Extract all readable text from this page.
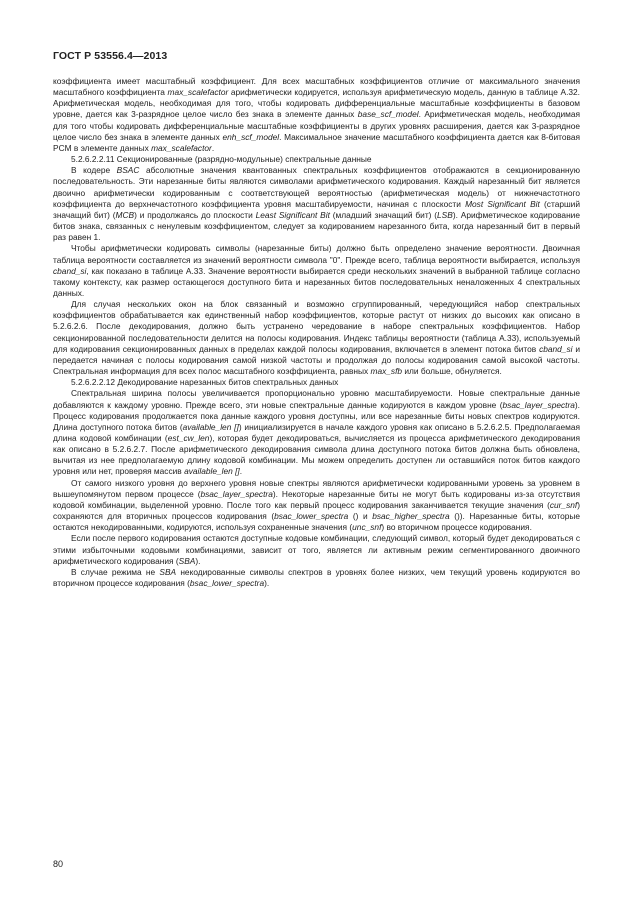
ГОСТ Р 53556.4—2013

коэффициента имеет масштабный коэффициент. Для всех масштабных коэффициентов отличие от максимального значения масштабного коэффициента max_scalefactor арифметически кодируется, используя арифметическую модель, данную в таблице А.32. Арифметическая модель, необходимая для того, чтобы кодировать дифференциальные масштабные коэффициенты в базовом уровне, дается как 3-разрядное целое число без знака в элементе данных base_scf_model. Арифметическая модель, необходимая для того чтобы кодировать дифференциальные масштабные коэффициенты в других уровнях расширения, дается как 3-разрядное целое число без знака в элементе данных enh_scf_model. Максимальное значение масштабного коэффициента дается как 8-битовая PCM в элементе данных max_scalefactor.

5.2.6.2.2.11 Секционированные (разрядно-модульные) спектральные данные

В кодере BSAC абсолютные значения квантованных спектральных коэффициентов отображаются в секционированную последовательность. Эти нарезанные биты являются символами арифметического кодирования. Каждый нарезанный бит является двоично арифметически кодированным с соответствующей вероятностью (арифметическая модель) от нижнечастотного коэффициента до верхнечастотного коэффициента уровня масштабируемости, начиная с плоскости Most Significant Bit (старший значащий бит) (MCB) и продолжаясь до плоскости Least Significant Bit (младший значащий бит) (LSB). Арифметическое кодирование битов знака, связанных с ненулевым коэффициентом, следует за кодированием нарезанного бита, когда нарезанный бит в первый раз равен 1.

Чтобы арифметически кодировать символы (нарезанные биты) должно быть определено значение вероятности. Двоичная таблица вероятности составляется из значений вероятности символа "0". Прежде всего, таблица вероятности выбирается, используя cband_si, как показано в таблице А.33. Значение вероятности выбирается среди нескольких значений в выбранной таблице согласно такому контексту, как размер остающегося доступного бита и нарезанных битов последовательных неналоженных 4 спектральных данных.

Для случая нескольких окон на блок связанный и возможно сгруппированный, чередующийся набор спектральных коэффициентов обрабатывается как единственный набор коэффициентов, которые растут от низких до высоких как описано в 5.2.6.2.6. После декодирования, должно быть устранено чередование в наборе спектральных коэффициентов. Набор секционированной последовательности делится на полосы кодирования. Индекс таблицы вероятности (таблица А.33), используемый для кодирования секционированных данных в пределах каждой полосы кодирования, включается в элемент потока битов cband_si и передается начиная с полосы кодирования самой низкой частоты и продолжая до полосы кодирования самой высокой частоты. Спектральная информация для всех полос масштабного коэффициента, равных max_sfb или больше, обнуляется.

5.2.6.2.2.12 Декодирование нарезанных битов спектральных данных

Спектральная ширина полосы увеличивается пропорционально уровню масштабируемости. Новые спектральные данные добавляются к каждому уровню. Прежде всего, эти новые спектральные данные кодируются в каждом уровне (bsac_layer_spectra). Процесс кодирования продолжается пока данные каждого уровня доступны, или все нарезанные биты новых спектров кодируются. Длина доступного потока битов (available_len []) инициализируется в начале каждого уровня как описано в 5.2.6.2.5. Предполагаемая длина кодовой комбинации (est_cw_len), которая будет декодироваться, вычисляется из процесса арифметического декодирования как описано в 5.2.6.2.7. После арифметического декодирования символа длина доступного потока битов должна быть обновлена, вычитая из нее предполагаемую длину кодовой комбинации. Мы можем определить доступен ли оставшийся поток битов каждого уровня или нет, проверяя массив available_len [].

От самого низкого уровня до верхнего уровня новые спектры являются арифметически кодированными уровень за уровнем в вышеупомянутом первом процессе (bsac_layer_spectra). Некоторые нарезанные биты не могут быть кодированы из-за отсутствия кодовой комбинации, выделенной уровню. После того как первый процесс кодирования заканчивается текущие значения (cur_snf) сохраняются для вторичных процессов кодирования (bsac_lower_spectra () и bsac_higher_spectra ()). Нарезанные биты, которые остаются некодированными, кодируются, используя сохраненные значения (unc_snf) во вторичном процессе кодирования.

Если после первого кодирования остаются доступные кодовые комбинации, следующий символ, который будет декодироваться с этими избыточными кодовыми комбинациями, зависит от того, является ли активным режим сегментированного двоичного арифметического кодирования (SBA).

В случае режима не SBA некодированные символы спектров в уровнях более низких, чем текущий уровень кодируются во вторичном процессе кодирования (bsac_lower_spectra).

80
